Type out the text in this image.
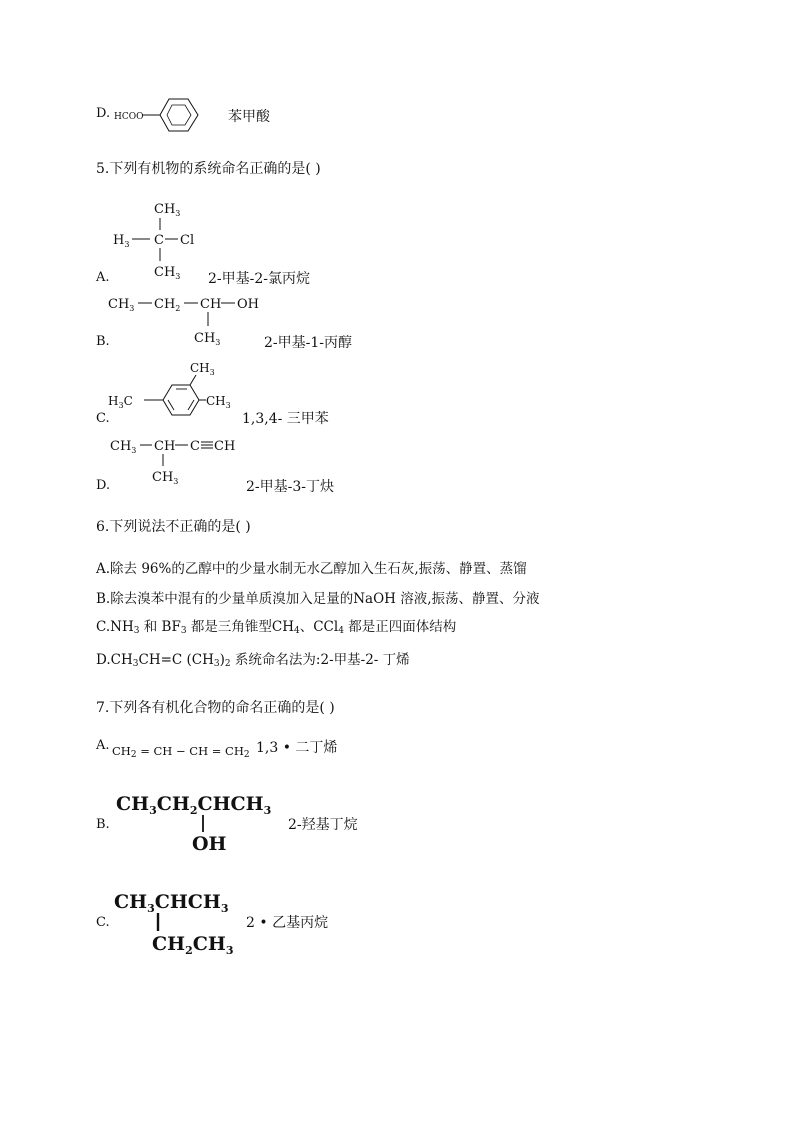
D. HCOO	苯甲酸
5.下列有机物的系统命名正确的是( )
$CH_3$
$H_3$ C Cl
$CH_3$
A.	2-甲基-2-氯丙烷
$CH_3$ $CH_2$ CH OH
$CH_3$
B.	2-甲基-1-丙醇
$CH_3$
$H_3C$	$CH_3$
C.	1,3,4- 三甲苯
$CH_3$ CH C CH
$CH_3$
D.	2-甲基-3-丁炔
6.下列说法不正确的是( )
A.除去 96%的乙醇中的少量水制无水乙醇加入生石灰,振荡、静置、蒸馏
B.除去溴苯中混有的少量单质溴加入足量的NaOH 溶液,振荡、静置、分液
$C.NH_3$ 和 $BF_3$ 都是三角锥型$CH_4$、CCl$_4$ 都是正四面体结构
$D.CH_3CH=C$ $(CH_3)_2$ 系统命名法为:2-甲基-2- 丁烯
7.下列各有机化合物的命名正确的是( )
A. $CH_2$ = CH − CH = $CH_2$ 1,3 • 二丁烯
$CH_3CH_2CHCH_3$
OH
B.	2-羟基丁烷
$CH_3CHCH_3$
$CH_2CH_3$
C.	2 • 乙基丙烷
